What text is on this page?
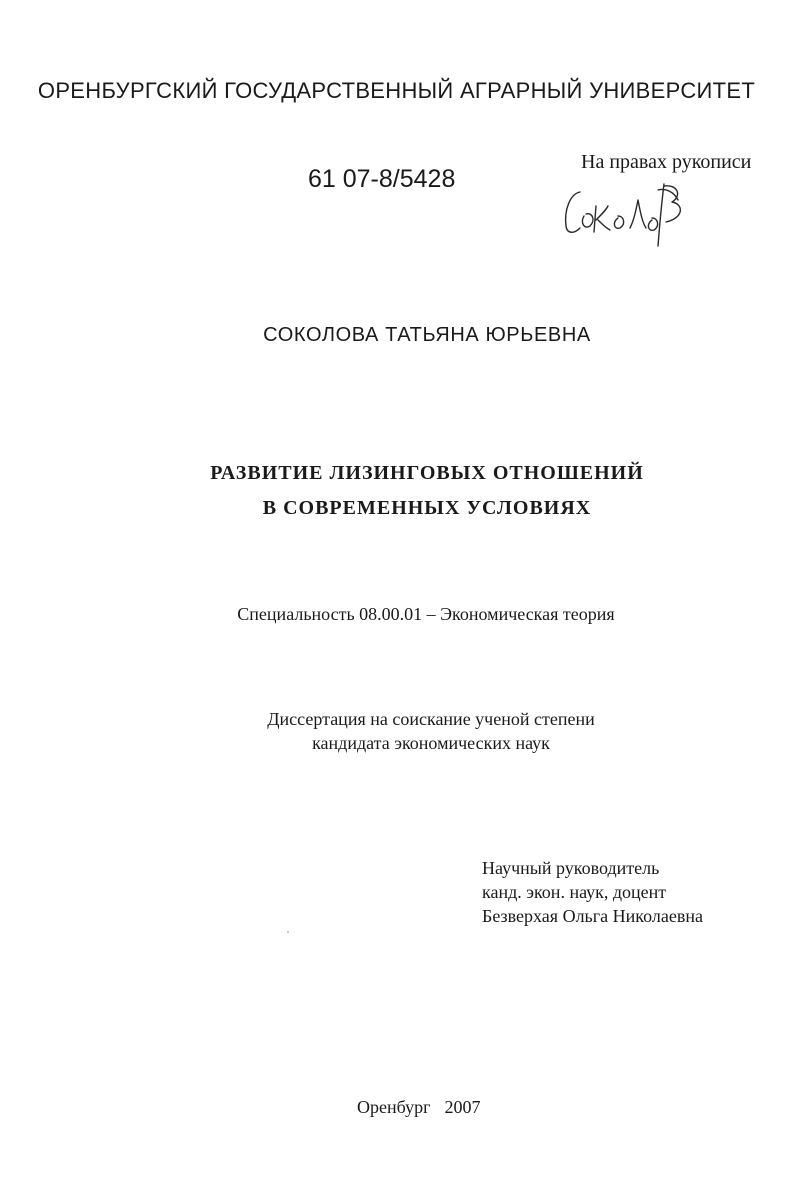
ОРЕНБУРГСКИЙ ГОСУДАРСТВЕННЫЙ АГРАРНЫЙ УНИВЕРСИТЕТ
61 07-8/5428
На правах рукописи
СОКОЛОВА ТАТЬЯНА ЮРЬЕВНА
РАЗВИТИЕ ЛИЗИНГОВЫХ ОТНОШЕНИЙ
В СОВРЕМЕННЫХ УСЛОВИЯХ
Специальность 08.00.01 – Экономическая теория
Диссертация на соискание ученой степени
кандидата экономических наук
Научный руководитель
канд. экон. наук, доцент
Безверхая Ольга Николаевна
Оренбург 2007
